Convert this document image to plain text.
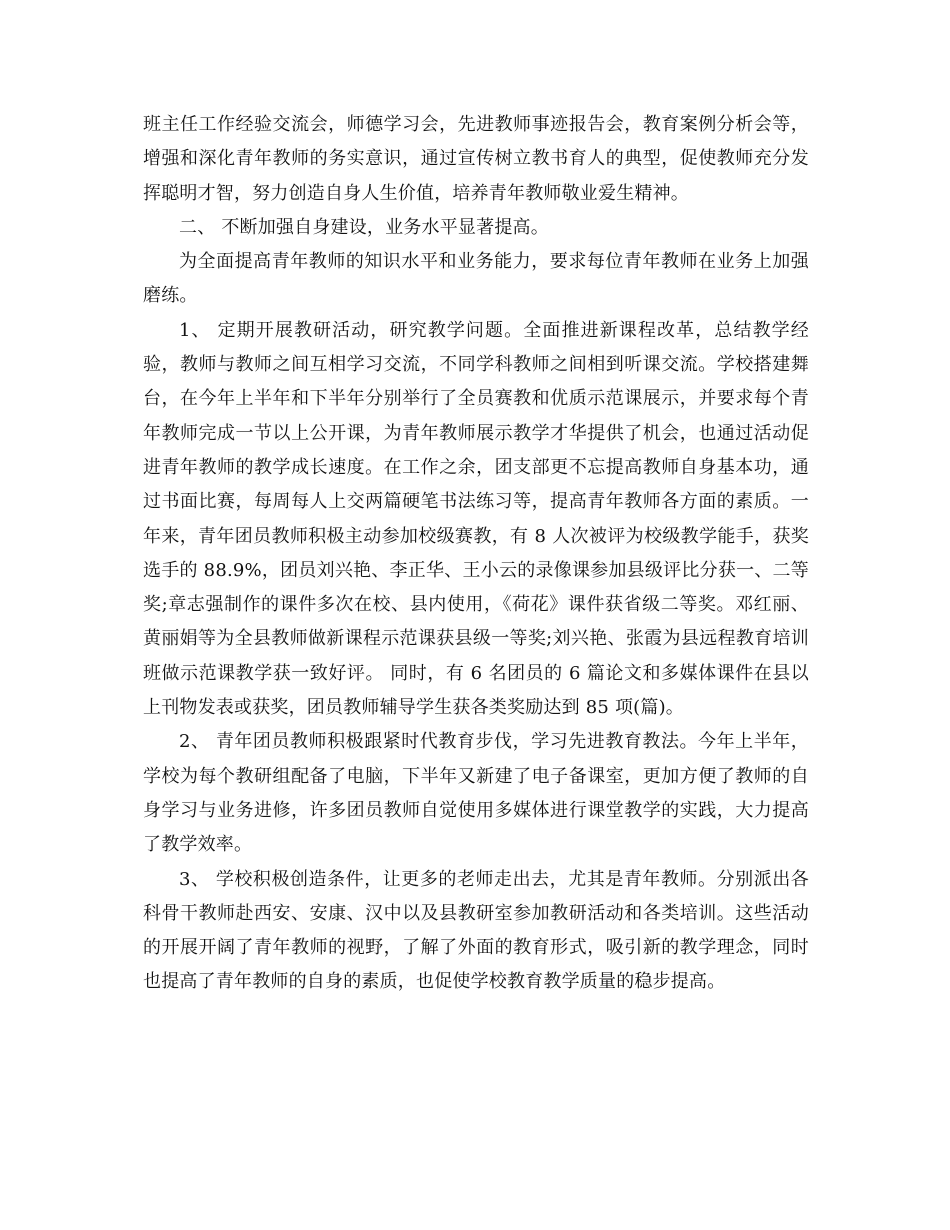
班主任工作经验交流会，师德学习会，先进教师事迹报告会，教育案例分析会等，增强和深化青年教师的务实意识，通过宣传树立教书育人的典型，促使教师充分发挥聪明才智，努力创造自身人生价值，培养青年教师敬业爱生精神。

二、 不断加强自身建设，业务水平显著提高。

为全面提高青年教师的知识水平和业务能力，要求每位青年教师在业务上加强磨练。

1、 定期开展教研活动，研究教学问题。全面推进新课程改革，总结教学经验，教师与教师之间互相学习交流，不同学科教师之间相到听课交流。学校搭建舞台，在今年上半年和下半年分别举行了全员赛教和优质示范课展示，并要求每个青年教师完成一节以上公开课，为青年教师展示教学才华提供了机会，也通过活动促进青年教师的教学成长速度。在工作之余，团支部更不忘提高教师自身基本功，通过书面比赛，每周每人上交两篇硬笔书法练习等，提高青年教师各方面的素质。一年来，青年团员教师积极主动参加校级赛教，有 8 人次被评为校级教学能手，获奖选手的 88.9%，团员刘兴艳、李正华、王小云的录像课参加县级评比分获一、二等奖;章志强制作的课件多次在校、县内使用，《荷花》课件获省级二等奖。邓红丽、黄丽娟等为全县教师做新课程示范课获县级一等奖;刘兴艳、张霞为县远程教育培训班做示范课教学获一致好评。 同时，有 6 名团员的 6 篇论文和多媒体课件在县以上刊物发表或获奖，团员教师辅导学生获各类奖励达到 85 项(篇)。

2、 青年团员教师积极跟紧时代教育步伐，学习先进教育教法。今年上半年，学校为每个教研组配备了电脑，下半年又新建了电子备课室，更加方便了教师的自身学习与业务进修，许多团员教师自觉使用多媒体进行课堂教学的实践，大力提高了教学效率。

3、 学校积极创造条件，让更多的老师走出去，尤其是青年教师。分别派出各科骨干教师赴西安、安康、汉中以及县教研室参加教研活动和各类培训。这些活动的开展开阔了青年教师的视野，了解了外面的教育形式，吸引新的教学理念，同时也提高了青年教师的自身的素质，也促使学校教育教学质量的稳步提高。
